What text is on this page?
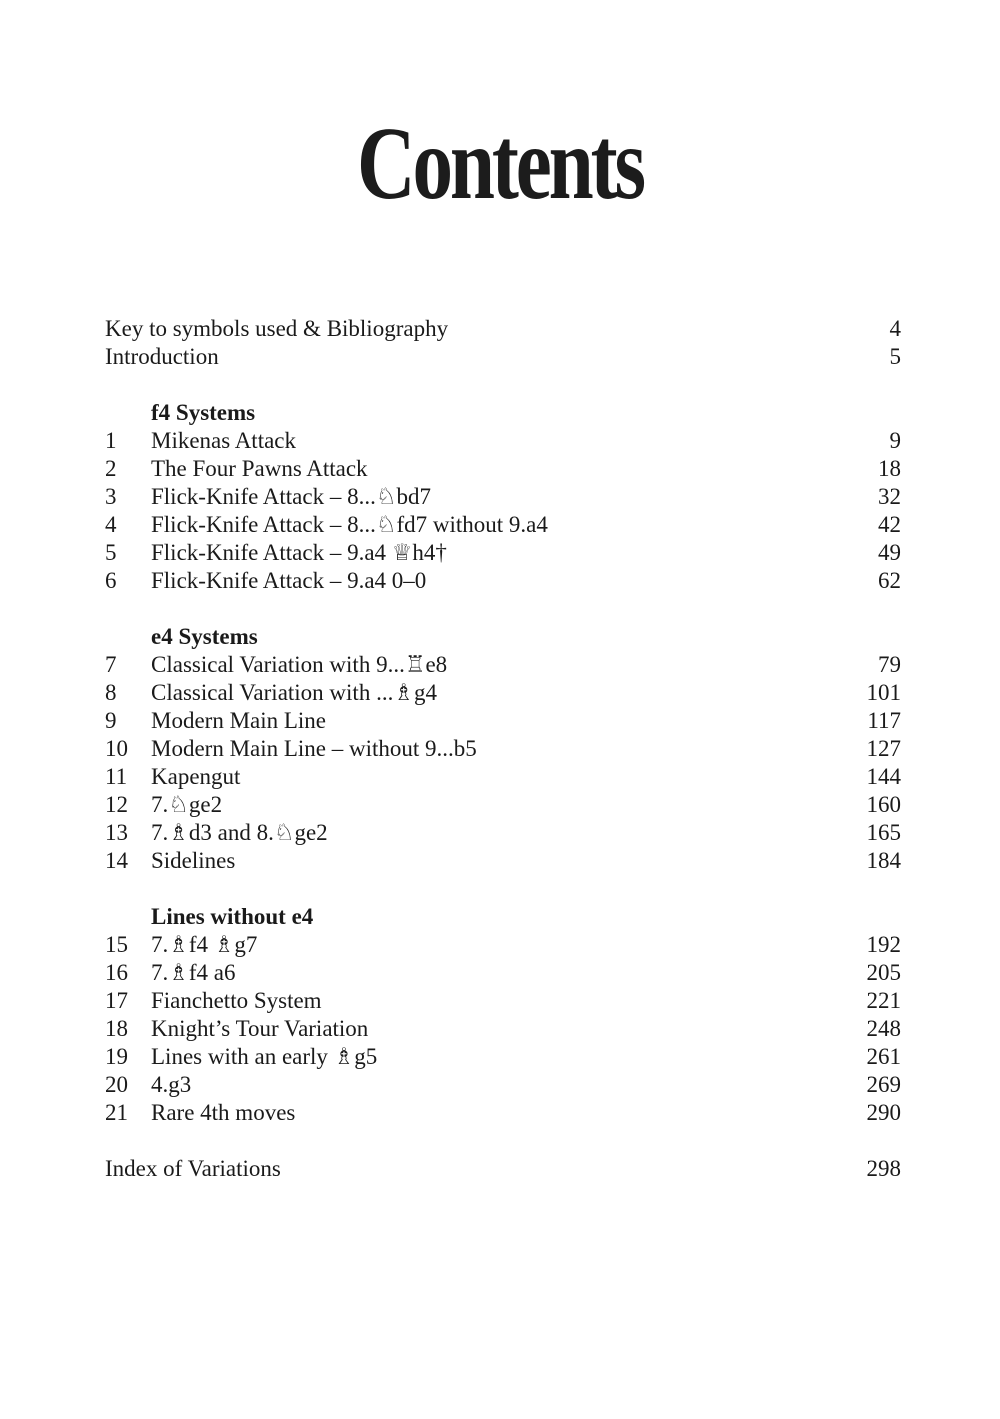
Contents
Key to symbols used & Bibliography	4
Introduction	5
f4 Systems
1 Mikenas Attack	9
2 The Four Pawns Attack	18
3 Flick-Knife Attack – 8...♘bd7	32
4 Flick-Knife Attack – 8...♘fd7 without 9.a4	42
5 Flick-Knife Attack – 9.a4 ♕h4†	49
6 Flick-Knife Attack – 9.a4 0–0	62
e4 Systems
7 Classical Variation with 9...♖e8	79
8 Classical Variation with ...♗g4	101
9 Modern Main Line	117
10 Modern Main Line – without 9...b5	127
11 Kapengut	144
12 7.♘ge2	160
13 7.♗d3 and 8.♘ge2	165
14 Sidelines	184
Lines without e4
15 7.♗f4 ♗g7	192
16 7.♗f4 a6	205
17 Fianchetto System	221
18 Knight’s Tour Variation	248
19 Lines with an early ♗g5	261
20 4.g3	269
21 Rare 4th moves	290
Index of Variations	298
